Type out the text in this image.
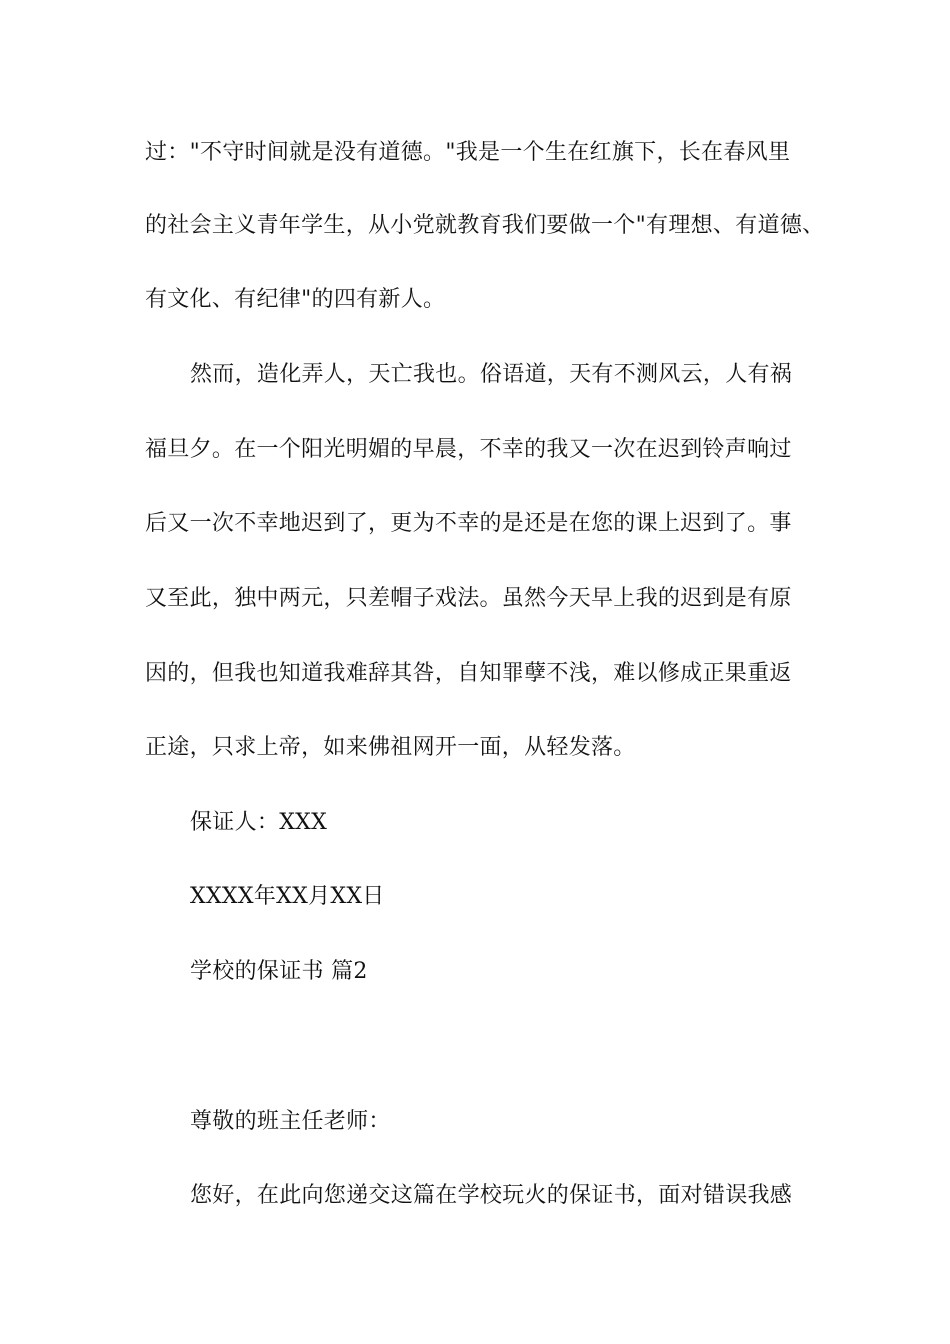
过："不守时间就是没有道德。"我是一个生在红旗下，长在春风里
的社会主义青年学生，从小党就教育我们要做一个"有理想、有道德、
有文化、有纪律"的四有新人。
然而，造化弄人，天亡我也。俗语道，天有不测风云，人有祸
福旦夕。在一个阳光明媚的早晨，不幸的我又一次在迟到铃声响过
后又一次不幸地迟到了，更为不幸的是还是在您的课上迟到了。事
又至此，独中两元，只差帽子戏法。虽然今天早上我的迟到是有原
因的，但我也知道我难辞其咎，自知罪孽不浅，难以修成正果重返
正途，只求上帝，如来佛祖网开一面，从轻发落。
保证人：XXX
XXXX年XX月XX日
学校的保证书 篇2
尊敬的班主任老师：
您好，在此向您递交这篇在学校玩火的保证书，面对错误我感
